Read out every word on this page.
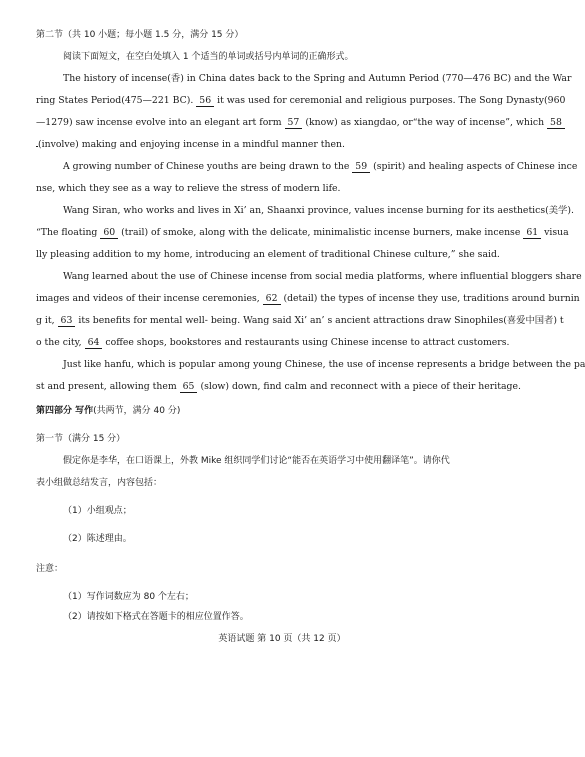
第二节（共 10 小题；每小题 1.5 分，满分 15 分）
阅读下面短文，在空白处填入 1 个适当的单词或括号内单词的正确形式。
The history of incense(香) in China dates back to the Spring and Autumn Period (770—476 BC) and the War
ring States Period(475—221 BC). 56 it was used for ceremonial and religious purposes. The Song Dynasty(960
—1279) saw incense evolve into an elegant art form 57 (know) as xiangdao, or“the way of incense”, which 58
(involve) making and enjoying incense in a mindful manner then.
A growing number of Chinese youths are being drawn to the 59 (spirit) and healing aspects of Chinese ince
nse, which they see as a way to relieve the stress of modern life.
Wang Siran, who works and lives in Xi’ an, Shaanxi province, values incense burning for its aesthetics(美学).
“The floating 60 (trail) of smoke, along with the delicate, minimalistic incense burners, make incense 61 visua
lly pleasing addition to my home, introducing an element of traditional Chinese culture,” she said.
Wang learned about the use of Chinese incense from social media platforms, where influential bloggers share
images and videos of their incense ceremonies, 62 (detail) the types of incense they use, traditions around burnin
g it, 63 its benefits for mental well- being. Wang said Xi’ an’ s ancient attractions draw Sinophiles(喜爱中国者) t
o the city, 64 coffee shops, bookstores and restaurants using Chinese incense to attract customers.
Just like hanfu, which is popular among young Chinese, the use of incense represents a bridge between the pa
st and present, allowing them 65 (slow) down, find calm and reconnect with a piece of their heritage.
第四部分 写作(共两节，满分 40 分)
第一节（满分 15 分）
假定你是李华，在口语课上，外教 Mike 组织同学们讨论“能否在英语学习中使用翻译笔”。请你代
表小组做总结发言，内容包括：
（1）小组观点；
（2）陈述理由。
注意：
（1）写作词数应为 80 个左右；
（2）请按如下格式在答题卡的相应位置作答。
英语试题 第 10 页（共 12 页）
